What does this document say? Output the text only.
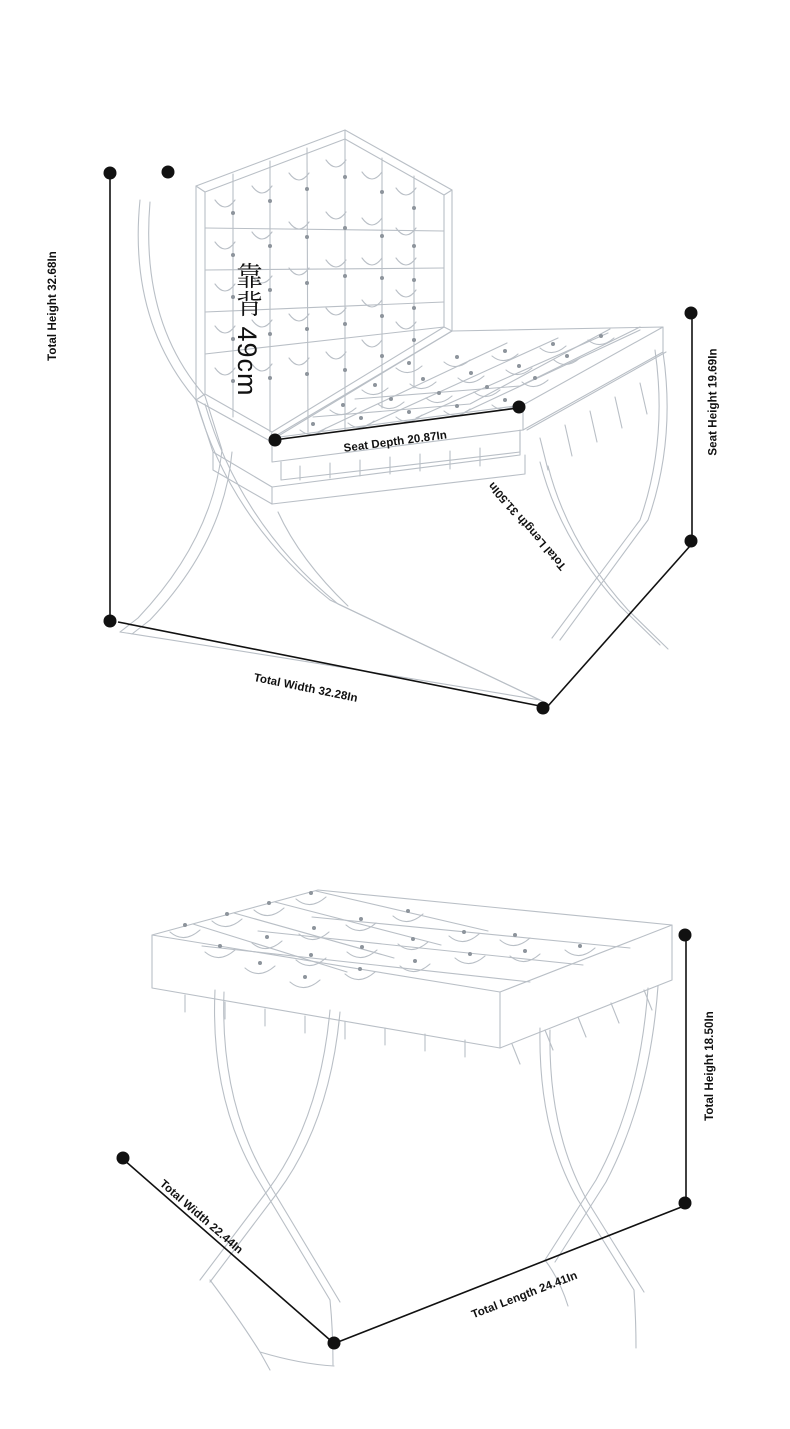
Total Height 32.68In
Seat Height 19.69In
Seat Depth 20.87In
Total Width 32.28In
Total Length 31.50In
靠背 49cm
Total Height 18.50In
Total Width 22.44In
Total Length 24.41In
